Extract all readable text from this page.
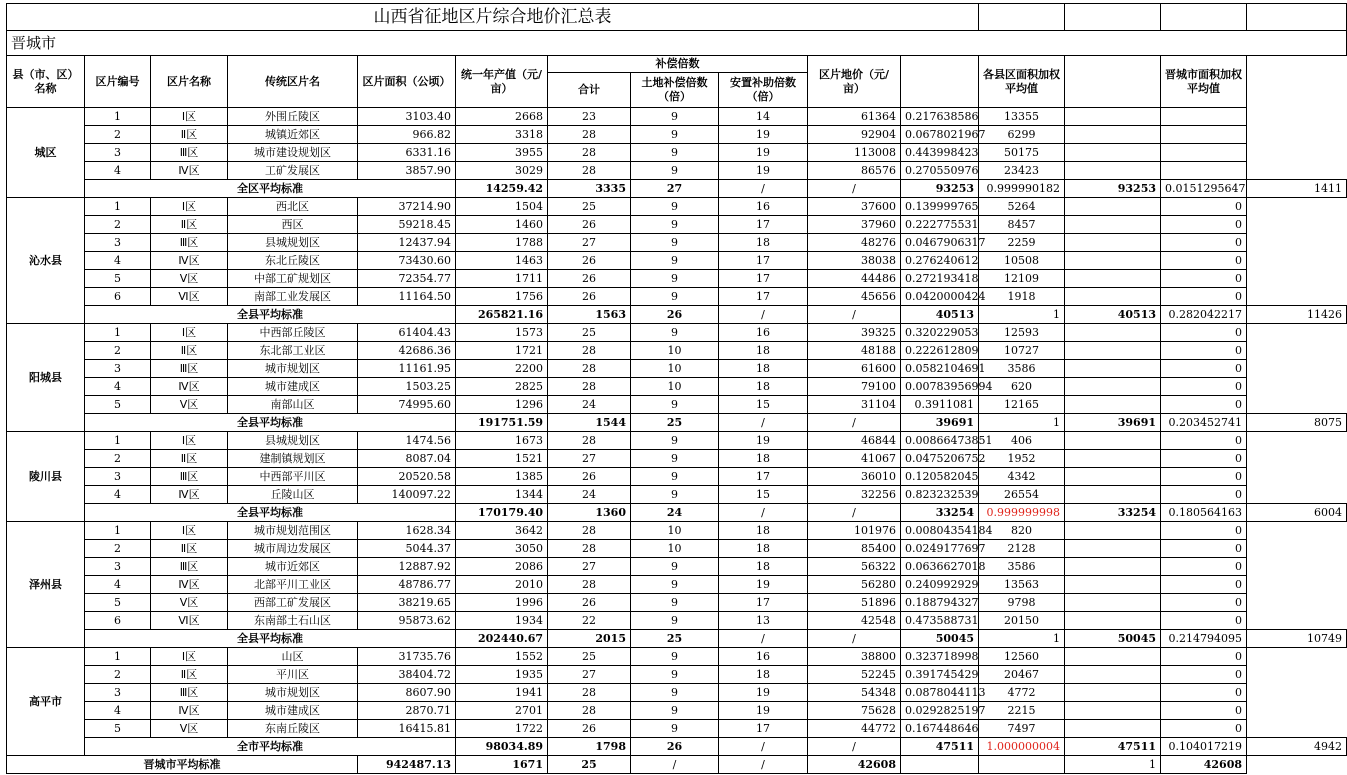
山西省征地区片综合地价汇总表														
晋城市														
县（市、区）名称	区片编号	区片名称	传统区片名	区片面积（公顷）	统一年产值（元/亩）	补偿倍数			区片地价（元/亩）		各县区面积加权平均值		晋城市面积加权平均值	
						合计	土地补偿倍数（倍）	安置补助倍数（倍）						
城区	1	Ⅰ区	外围丘陵区	3103.40	2668	23	9	14	61364	0.217638586	13355			
	2	Ⅱ区	城镇近郊区	966.82	3318	28	9	19	92904	0.0678021967	6299			
	3	Ⅲ区	城市建设规划区	6331.16	3955	28	9	19	113008	0.443998423	50175			
	4	Ⅳ区	工矿发展区	3857.90	3029	28	9	19	86576	0.270550976	23423			
	全区平均标准				14259.42	3335	27	/	/	93253	0.999990182	93253	0.0151295647	1411
沁水县	1	Ⅰ区	西北区	37214.90	1504	25	9	16	37600	0.139999765	5264		0	
	2	Ⅱ区	西区	59218.45	1460	26	9	17	37960	0.222775531	8457		0	
	3	Ⅲ区	县城规划区	12437.94	1788	27	9	18	48276	0.0467906317	2259		0	
	4	Ⅳ区	东北丘陵区	73430.60	1463	26	9	17	38038	0.276240612	10508		0	
	5	Ⅴ区	中部工矿规划区	72354.77	1711	26	9	17	44486	0.272193418	12109		0	
	6	Ⅵ区	南部工业发展区	11164.50	1756	26	9	17	45656	0.0420000424	1918		0	
	全县平均标准				265821.16	1563	26	/	/	40513	1	40513	0.282042217	11426
阳城县	1	Ⅰ区	中西部丘陵区	61404.43	1573	25	9	16	39325	0.320229053	12593		0	
	2	Ⅱ区	东北部工业区	42686.36	1721	28	10	18	48188	0.222612809	10727		0	
	3	Ⅲ区	城市规划区	11161.95	2200	28	10	18	61600	0.0582104691	3586		0	
	4	Ⅳ区	城市建成区	1503.25	2825	28	10	18	79100	0.00783956994	620		0	
	5	Ⅴ区	南部山区	74995.60	1296	24	9	15	31104	0.3911081	12165		0	
	全县平均标准				191751.59	1544	25	/	/	39691	1	39691	0.203452741	8075
陵川县	1	Ⅰ区	县城规划区	1474.56	1673	28	9	19	46844	0.00866473851	406		0	
	2	Ⅱ区	建制镇规划区	8087.04	1521	27	9	18	41067	0.0475206752	1952		0	
	3	Ⅲ区	中西部平川区	20520.58	1385	26	9	17	36010	0.120582045	4342		0	
	4	Ⅳ区	丘陵山区	140097.22	1344	24	9	15	32256	0.823232539	26554		0	
	全县平均标准				170179.40	1360	24	/	/	33254	0.999999998	33254	0.180564163	6004
泽州县	1	Ⅰ区	城市规划范围区	1628.34	3642	28	10	18	101976	0.00804354184	820		0	
	2	Ⅱ区	城市周边发展区	5044.37	3050	28	10	18	85400	0.0249177697	2128		0	
	3	Ⅲ区	城市近郊区	12887.92	2086	27	9	18	56322	0.0636627018	3586		0	
	4	Ⅳ区	北部平川工业区	48786.77	2010	28	9	19	56280	0.240992929	13563		0	
	5	Ⅴ区	西部工矿发展区	38219.65	1996	26	9	17	51896	0.188794327	9798		0	
	6	Ⅵ区	东南部土石山区	95873.62	1934	22	9	13	42548	0.473588731	20150		0	
	全县平均标准				202440.67	2015	25	/	/	50045	1	50045	0.214794095	10749
高平市	1	Ⅰ区	山区	31735.76	1552	25	9	16	38800	0.323718998	12560		0	
	2	Ⅱ区	平川区	38404.72	1935	27	9	18	52245	0.391745429	20467		0	
	3	Ⅲ区	城市规划区	8607.90	1941	28	9	19	54348	0.0878044113	4772		0	
	4	Ⅳ区	城市建成区	2870.71	2701	28	9	19	75628	0.0292825197	2215		0	
	5	Ⅴ区	东南丘陵区	16415.81	1722	26	9	17	44772	0.167448646	7497		0	
	全市平均标准				98034.89	1798	26	/	/	47511	1.000000004	47511	0.104017219	4942
晋城市平均标准				942487.13	1671	25	/	/	42608			1	42608	
